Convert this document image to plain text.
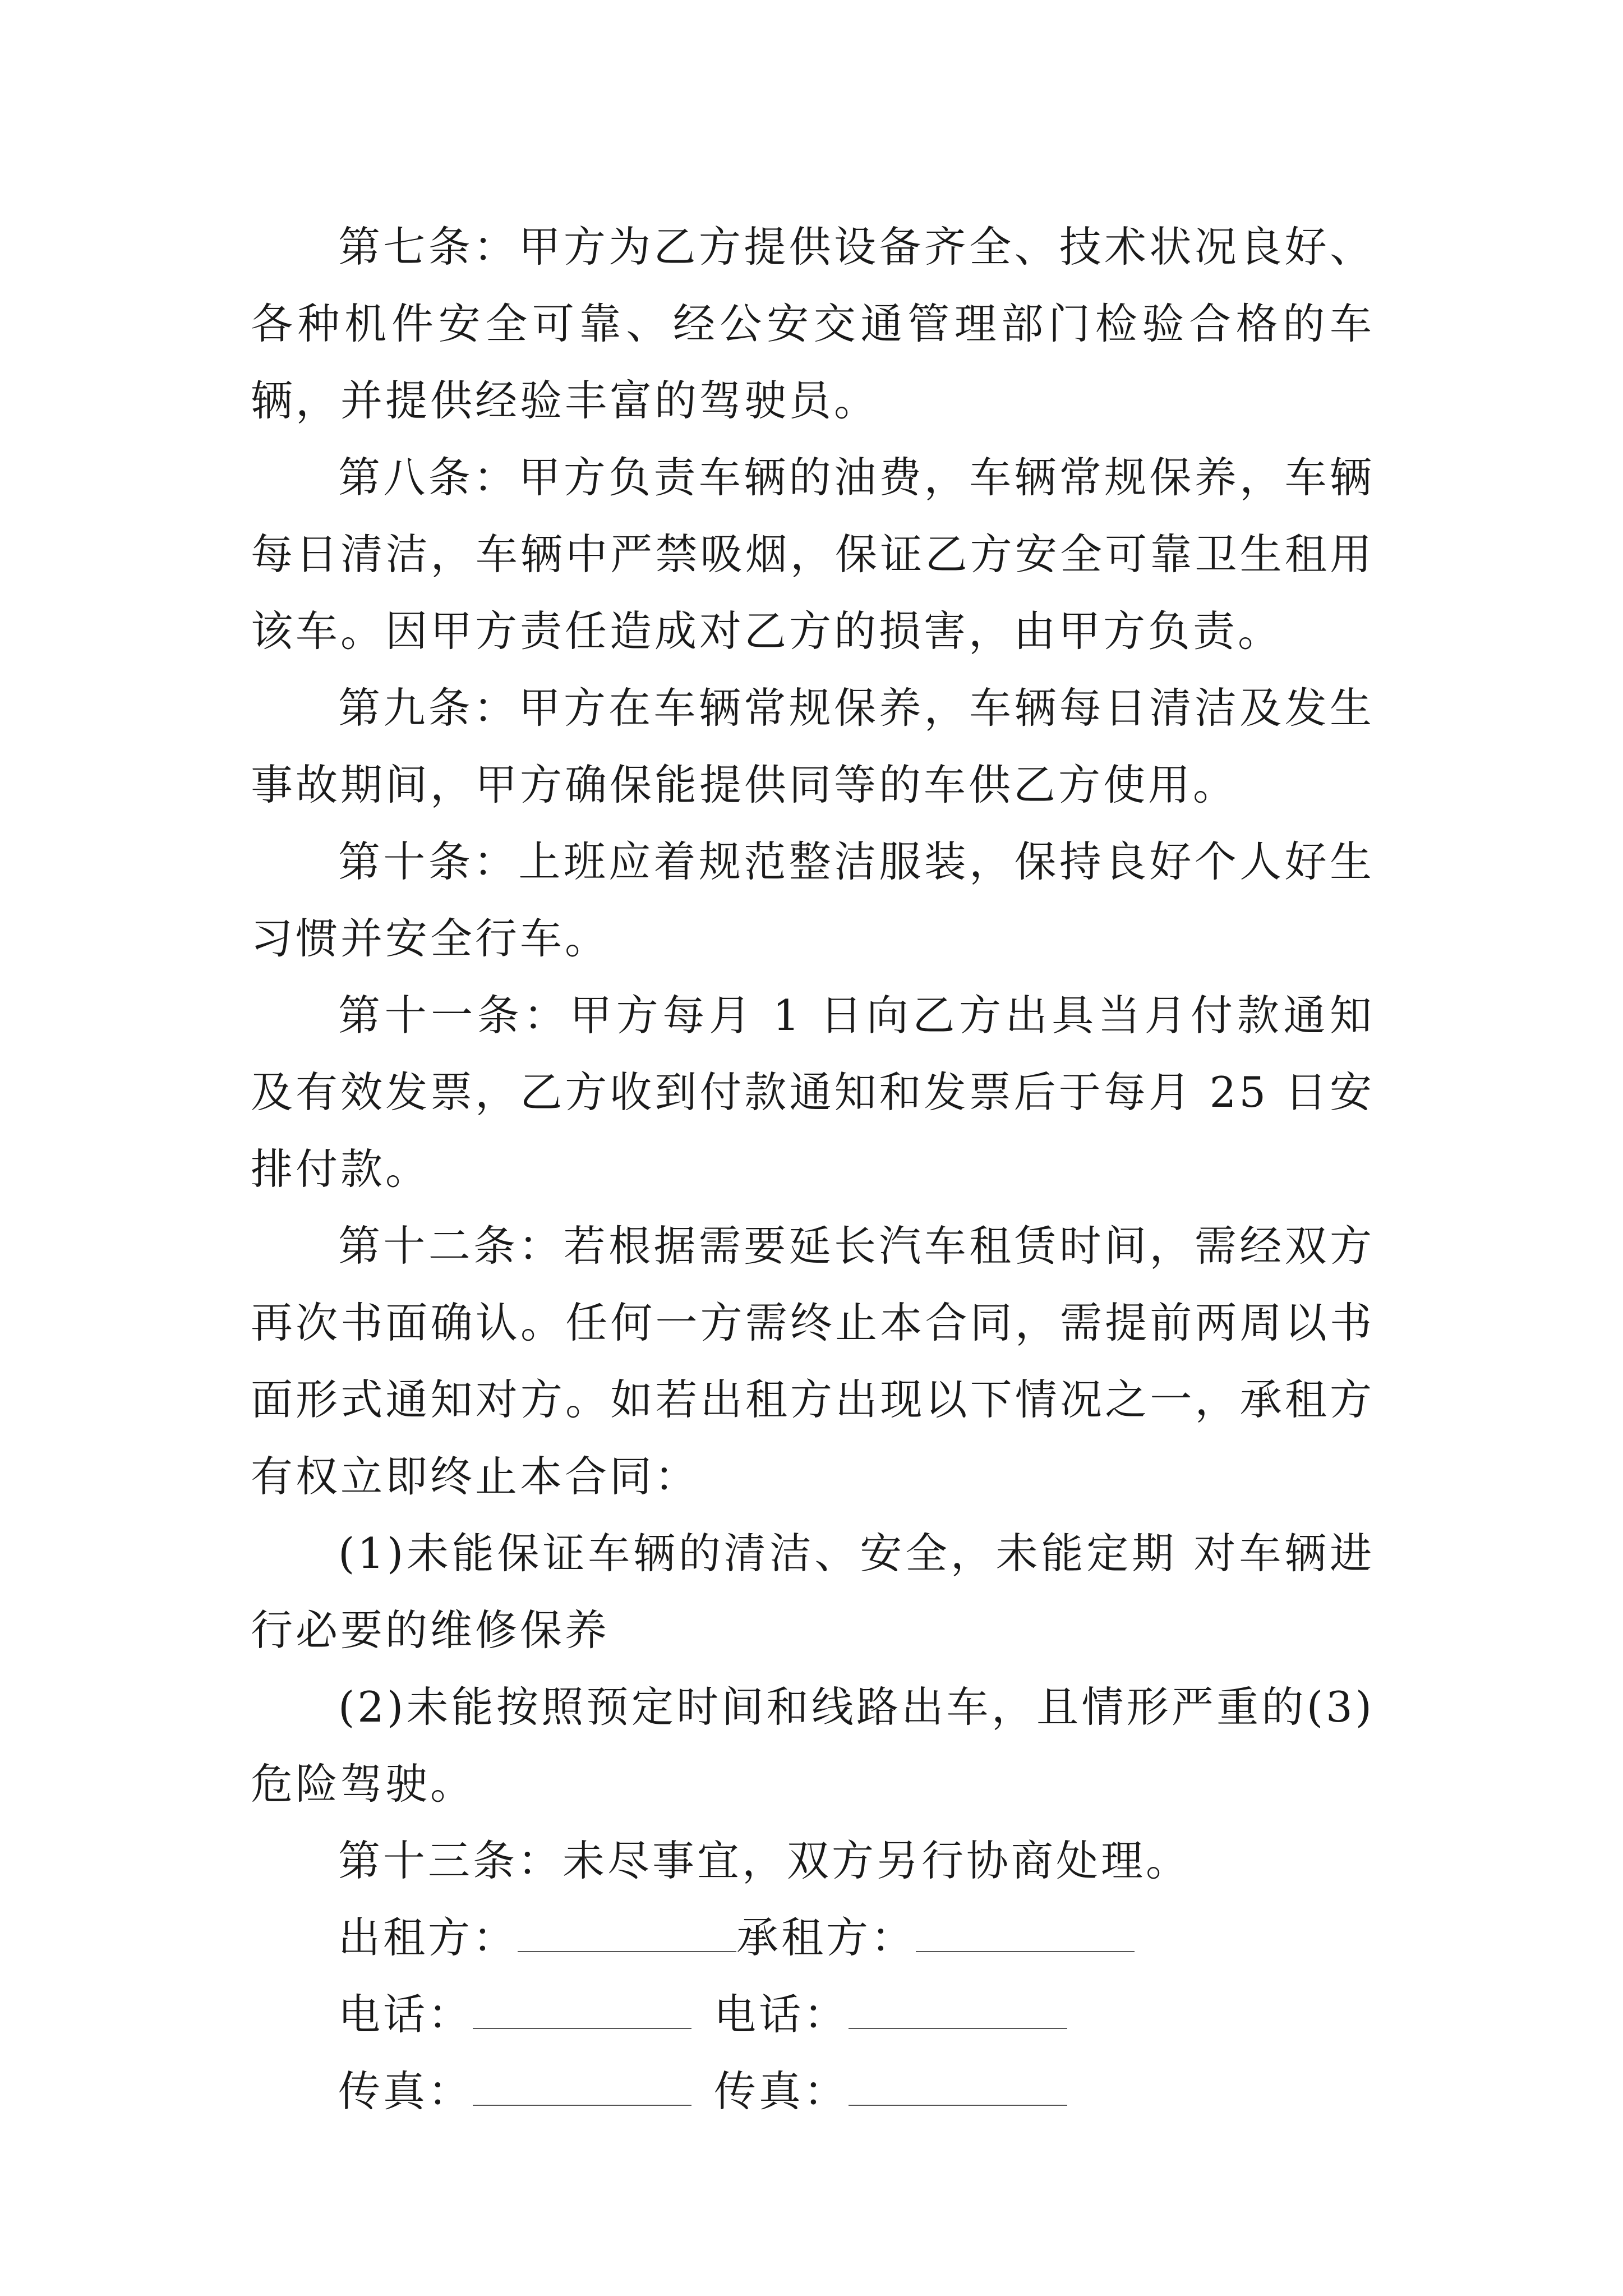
第七条：甲方为乙方提供设备齐全、技术状况良好、各种机件安全可靠、经公安交通管理部门检验合格的车辆，并提供经验丰富的驾驶员。

第八条：甲方负责车辆的油费，车辆常规保养，车辆每日清洁，车辆中严禁吸烟，保证乙方安全可靠卫生租用该车。因甲方责任造成对乙方的损害，由甲方负责。

第九条：甲方在车辆常规保养，车辆每日清洁及发生事故期间，甲方确保能提供同等的车供乙方使用。

第十条：上班应着规范整洁服装，保持良好个人好生习惯并安全行车。

第十一条：甲方每月 1 日向乙方出具当月付款通知及有效发票，乙方收到付款通知和发票后于每月 25 日安排付款。

第十二条：若根据需要延长汽车租赁时间，需经双方再次书面确认。任何一方需终止本合同，需提前两周以书面形式通知对方。如若出租方出现以下情况之一，承租方有权立即终止本合同：

(1)未能保证车辆的清洁、安全，未能定期 对车辆进行必要的维修保养

(2)未能按照预定时间和线路出车，且情形严重的(3)危险驾驶。

第十三条：未尽事宜，双方另行协商处理。

出租方：	承租方：
电话：	电话：
传真：	传真：
